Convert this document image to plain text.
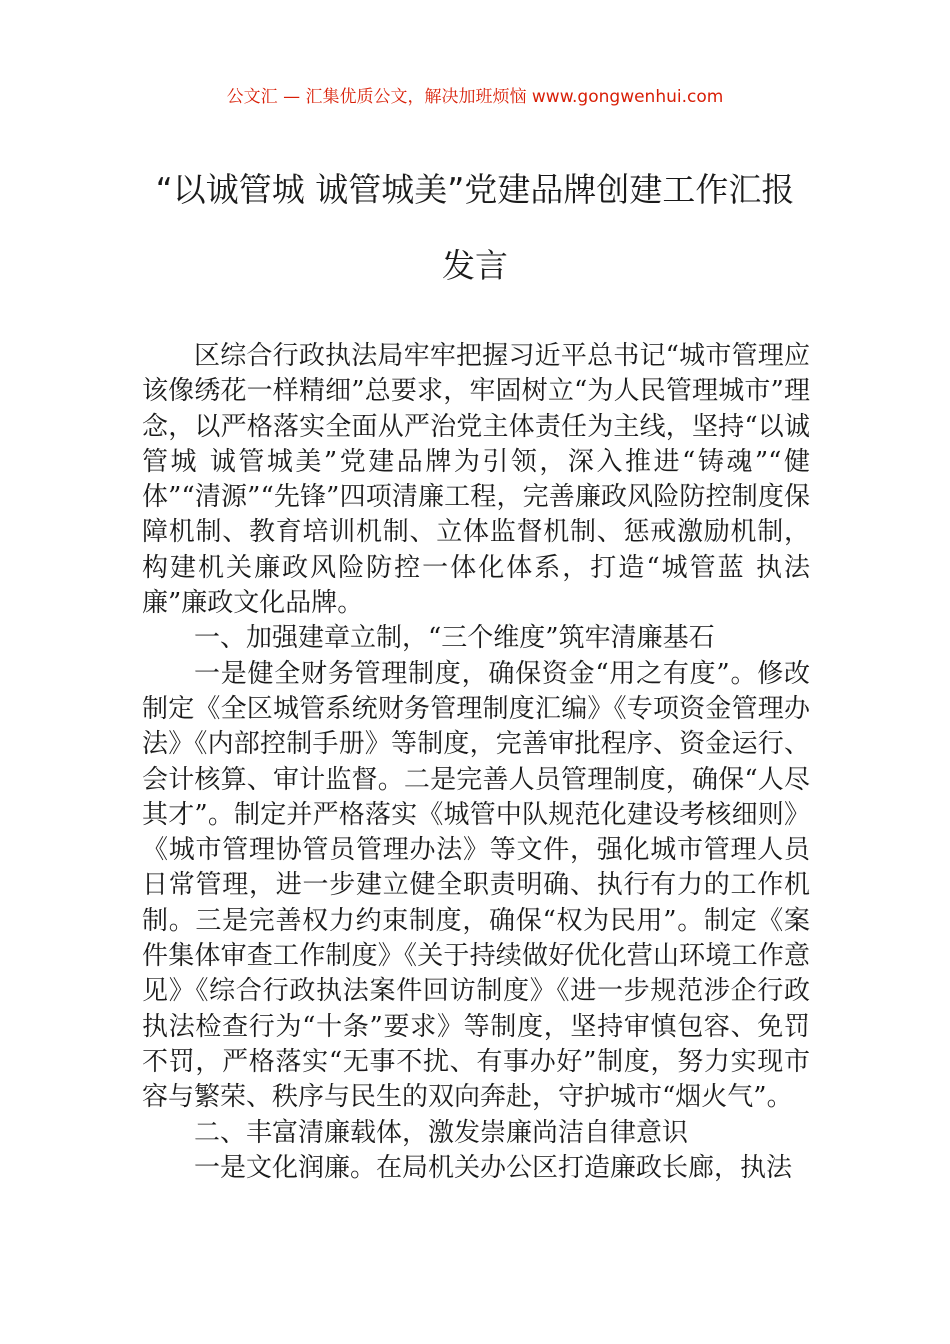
公文汇 — 汇集优质公文，解决加班烦恼 www.gongwenhui.com
“以诚管城 诚管城美”党建品牌创建工作汇报发言

区综合行政执法局牢牢把握习近平总书记“城市管理应该像绣花一样精细”总要求，牢固树立“为人民管理城市”理念，以严格落实全面从严治党主体责任为主线，坚持“以诚管城 诚管城美”党建品牌为引领，深入推进“铸魂”“健体”“清源”“先锋”四项清廉工程，完善廉政风险防控制度保障机制、教育培训机制、立体监督机制、惩戒激励机制，构建机关廉政风险防控一体化体系，打造“城管蓝 执法廉”廉政文化品牌。

一、加强建章立制，“三个维度”筑牢清廉基石

一是健全财务管理制度，确保资金“用之有度”。修改制定《全区城管系统财务管理制度汇编》《专项资金管理办法》《内部控制手册》等制度，完善审批程序、资金运行、会计核算、审计监督。二是完善人员管理制度，确保“人尽其才”。制定并严格落实《城管中队规范化建设考核细则》《城市管理协管员管理办法》等文件，强化城市管理人员日常管理，进一步建立健全职责明确、执行有力的工作机制。三是完善权力约束制度，确保“权为民用”。制定《案件集体审查工作制度》《关于持续做好优化营山环境工作意见》《综合行政执法案件回访制度》《进一步规范涉企行政执法检查行为“十条”要求》等制度，坚持审慎包容、免罚不罚，严格落实“无事不扰、有事办好”制度，努力实现市容与繁荣、秩序与民生的双向奔赴，守护城市“烟火气”。

二、丰富清廉载体，激发崇廉尚洁自律意识

一是文化润廉。在局机关办公区打造廉政长廊，执法
